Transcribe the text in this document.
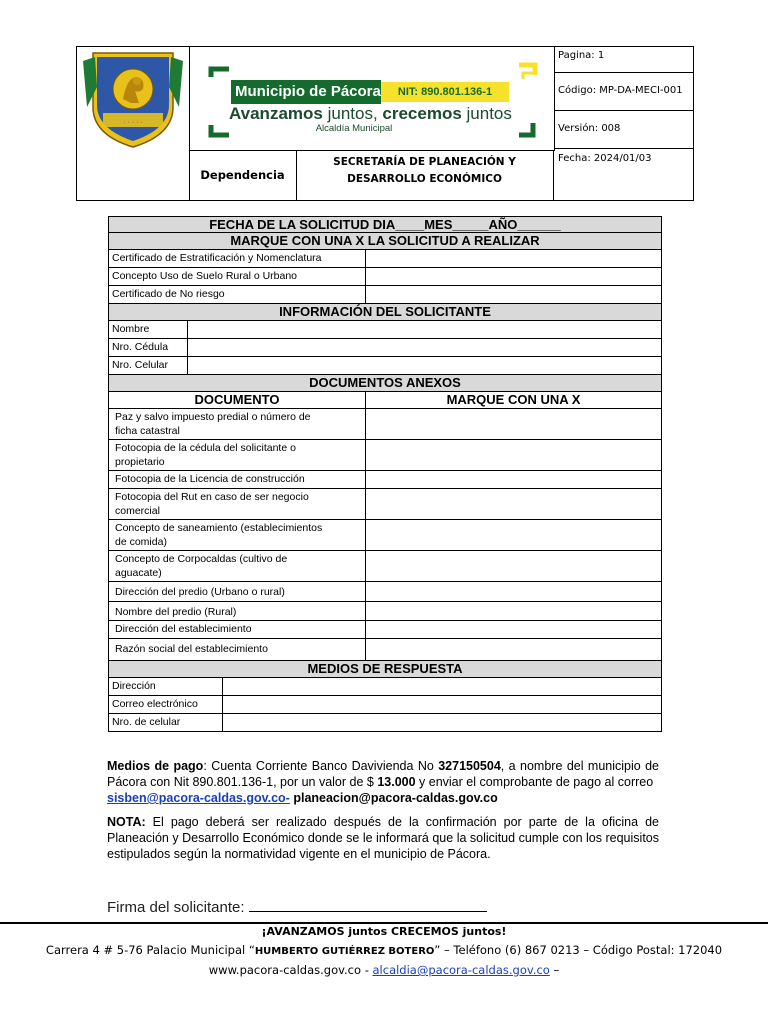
· · · · ·
Municipio de Pácora	NIT: 890.801.136-1
Avanzamos juntos, crecemos juntos
Alcaldía Municipal
Dependencia
SECRETARÍA DE PLANEACIÓN Y
DESARROLLO ECONÓMICO
Pagina: 1
Código: MP-DA-MECI-001
Versión: 008
Fecha: 2024/01/03
FECHA DE LA SOLICITUD DIA____MES_____AÑO______
MARQUE CON UNA X LA SOLICITUD A REALIZAR
Certificado de Estratificación y Nomenclatura
Concepto Uso de Suelo Rural o Urbano
Certificado de No riesgo
INFORMACIÓN DEL SOLICITANTE
Nombre
Nro. Cédula
Nro. Celular
DOCUMENTOS ANEXOS
DOCUMENTO	MARQUE CON UNA X
Paz y salvo impuesto predial o número de
ficha catastral
Fotocopia de la cédula del solicitante o
propietario
Fotocopia de la Licencia de construcción
Fotocopia del Rut en caso de ser negocio
comercial
Concepto de saneamiento (establecimientos
de comida)
Concepto de Corpocaldas (cultivo de
aguacate)
Dirección del predio (Urbano o rural)
Nombre del predio (Rural)
Dirección del establecimiento
Razón social del establecimiento
MEDIOS DE RESPUESTA
Dirección
Correo electrónico
Nro. de celular
Medios de pago: Cuenta Corriente Banco Davivienda No 327150504, a nombre del municipio de Pácora con Nit 890.801.136-1, por un valor de $ 13.000 y enviar el comprobante de pago al correo
sisben@pacora-caldas.gov.co- planeacion@pacora-caldas.gov.co
NOTA: El pago deberá ser realizado después de la confirmación por parte de la oficina de Planeación y Desarrollo Económico donde se le informará que la solicitud cumple con los requisitos estipulados según la normatividad vigente en el municipio de Pácora.
Firma del solicitante:
¡AVANZAMOS juntos CRECEMOS juntos!
Carrera 4 # 5-76 Palacio Municipal “HUMBERTO GUTIÉRREZ BOTERO” – Teléfono (6) 867 0213 – Código Postal: 172040
www.pacora-caldas.gov.co - alcaldia@pacora-caldas.gov.co –
